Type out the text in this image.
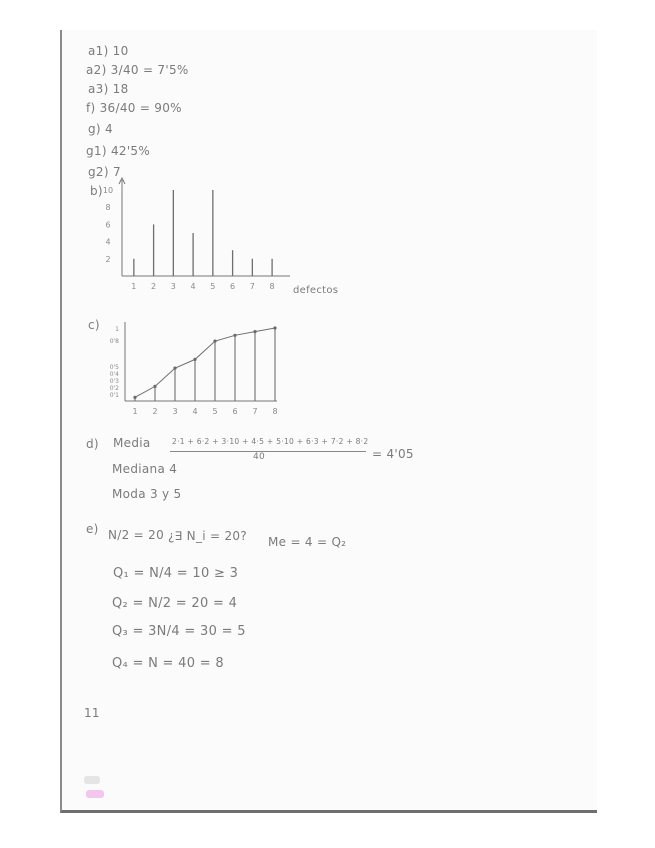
a1) 10
a2) 3/40 = 7'5%
a3) 18
f) 36/40 = 90%
g) 4
g1) 42'5%
g2) 7
b)
1 2 3 4 5 6 7 8
10
8
6
4
2
defectos
c)
1 2 3 4 5 6 7 8
1
0'8
0'5
0'4
0'3
0'2
0'1
d) Media	2·1 + 6·2 + 3·10 + 4·5 + 5·10 + 6·3 + 7·2 + 8·2
40	= 4'05
Mediana 4
Moda 3 y 5
e) N/2 = 20 ¿∃ N_i = 20? Me = 4 = Q₂
Q₁ = N/4 = 10 ≥ 3
Q₂ = N/2 = 20 = 4
Q₃ = 3N/4 = 30 = 5
Q₄ = N = 40 = 8
11
